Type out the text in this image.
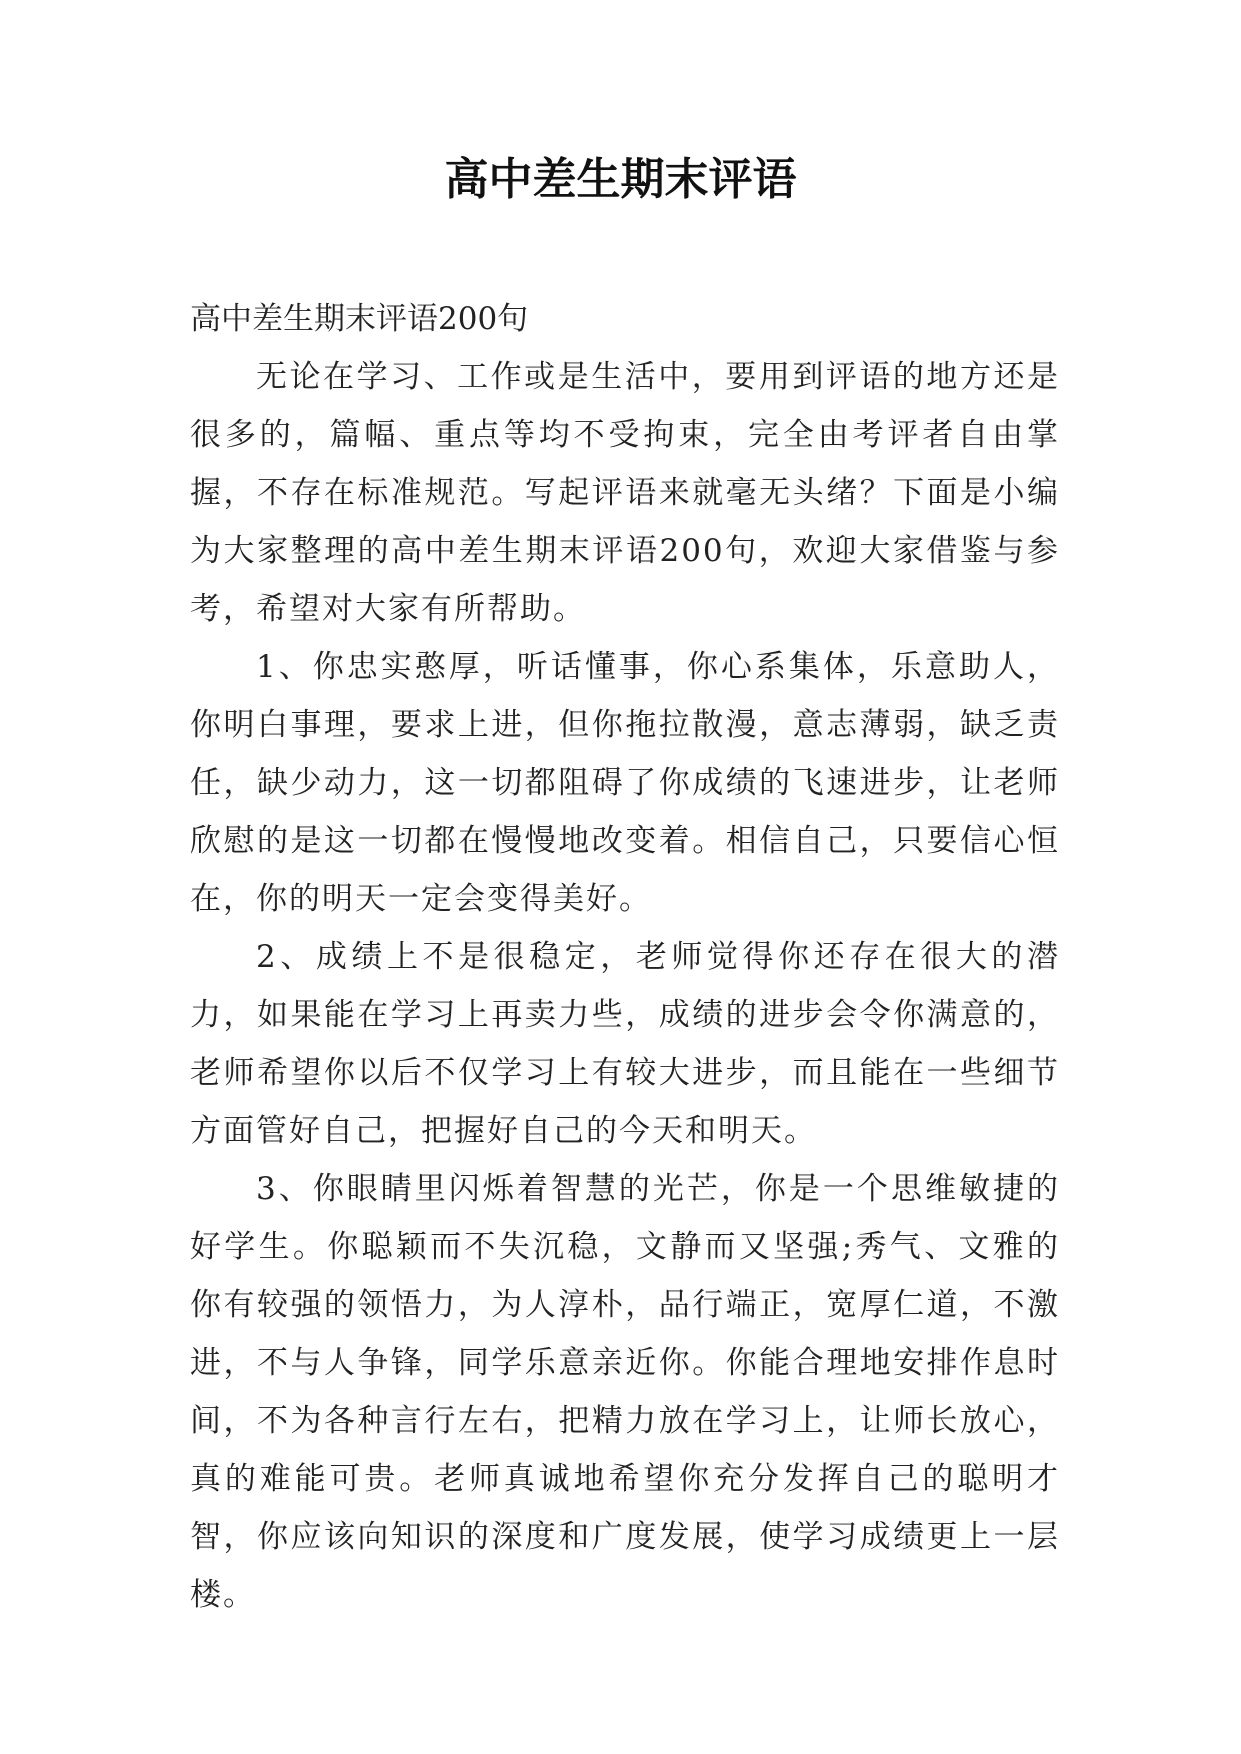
高中差生期末评语

高中差生期末评语200句

无论在学习、工作或是生活中，要用到评语的地方还是很多的，篇幅、重点等均不受拘束，完全由考评者自由掌握，不存在标准规范。写起评语来就毫无头绪？下面是小编为大家整理的高中差生期末评语200句，欢迎大家借鉴与参考，希望对大家有所帮助。

1、你忠实憨厚，听话懂事，你心系集体，乐意助人，你明白事理，要求上进，但你拖拉散漫，意志薄弱，缺乏责任，缺少动力，这一切都阻碍了你成绩的飞速进步，让老师欣慰的是这一切都在慢慢地改变着。相信自己，只要信心恒在，你的明天一定会变得美好。

2、成绩上不是很稳定，老师觉得你还存在很大的潜力，如果能在学习上再卖力些，成绩的进步会令你满意的，老师希望你以后不仅学习上有较大进步，而且能在一些细节方面管好自己，把握好自己的今天和明天。

3、你眼睛里闪烁着智慧的光芒，你是一个思维敏捷的好学生。你聪颖而不失沉稳，文静而又坚强;秀气、文雅的你有较强的领悟力，为人淳朴，品行端正，宽厚仁道，不激进，不与人争锋，同学乐意亲近你。你能合理地安排作息时间，不为各种言行左右，把精力放在学习上，让师长放心，真的难能可贵。老师真诚地希望你充分发挥自己的聪明才智，你应该向知识的深度和广度发展，使学习成绩更上一层楼。
